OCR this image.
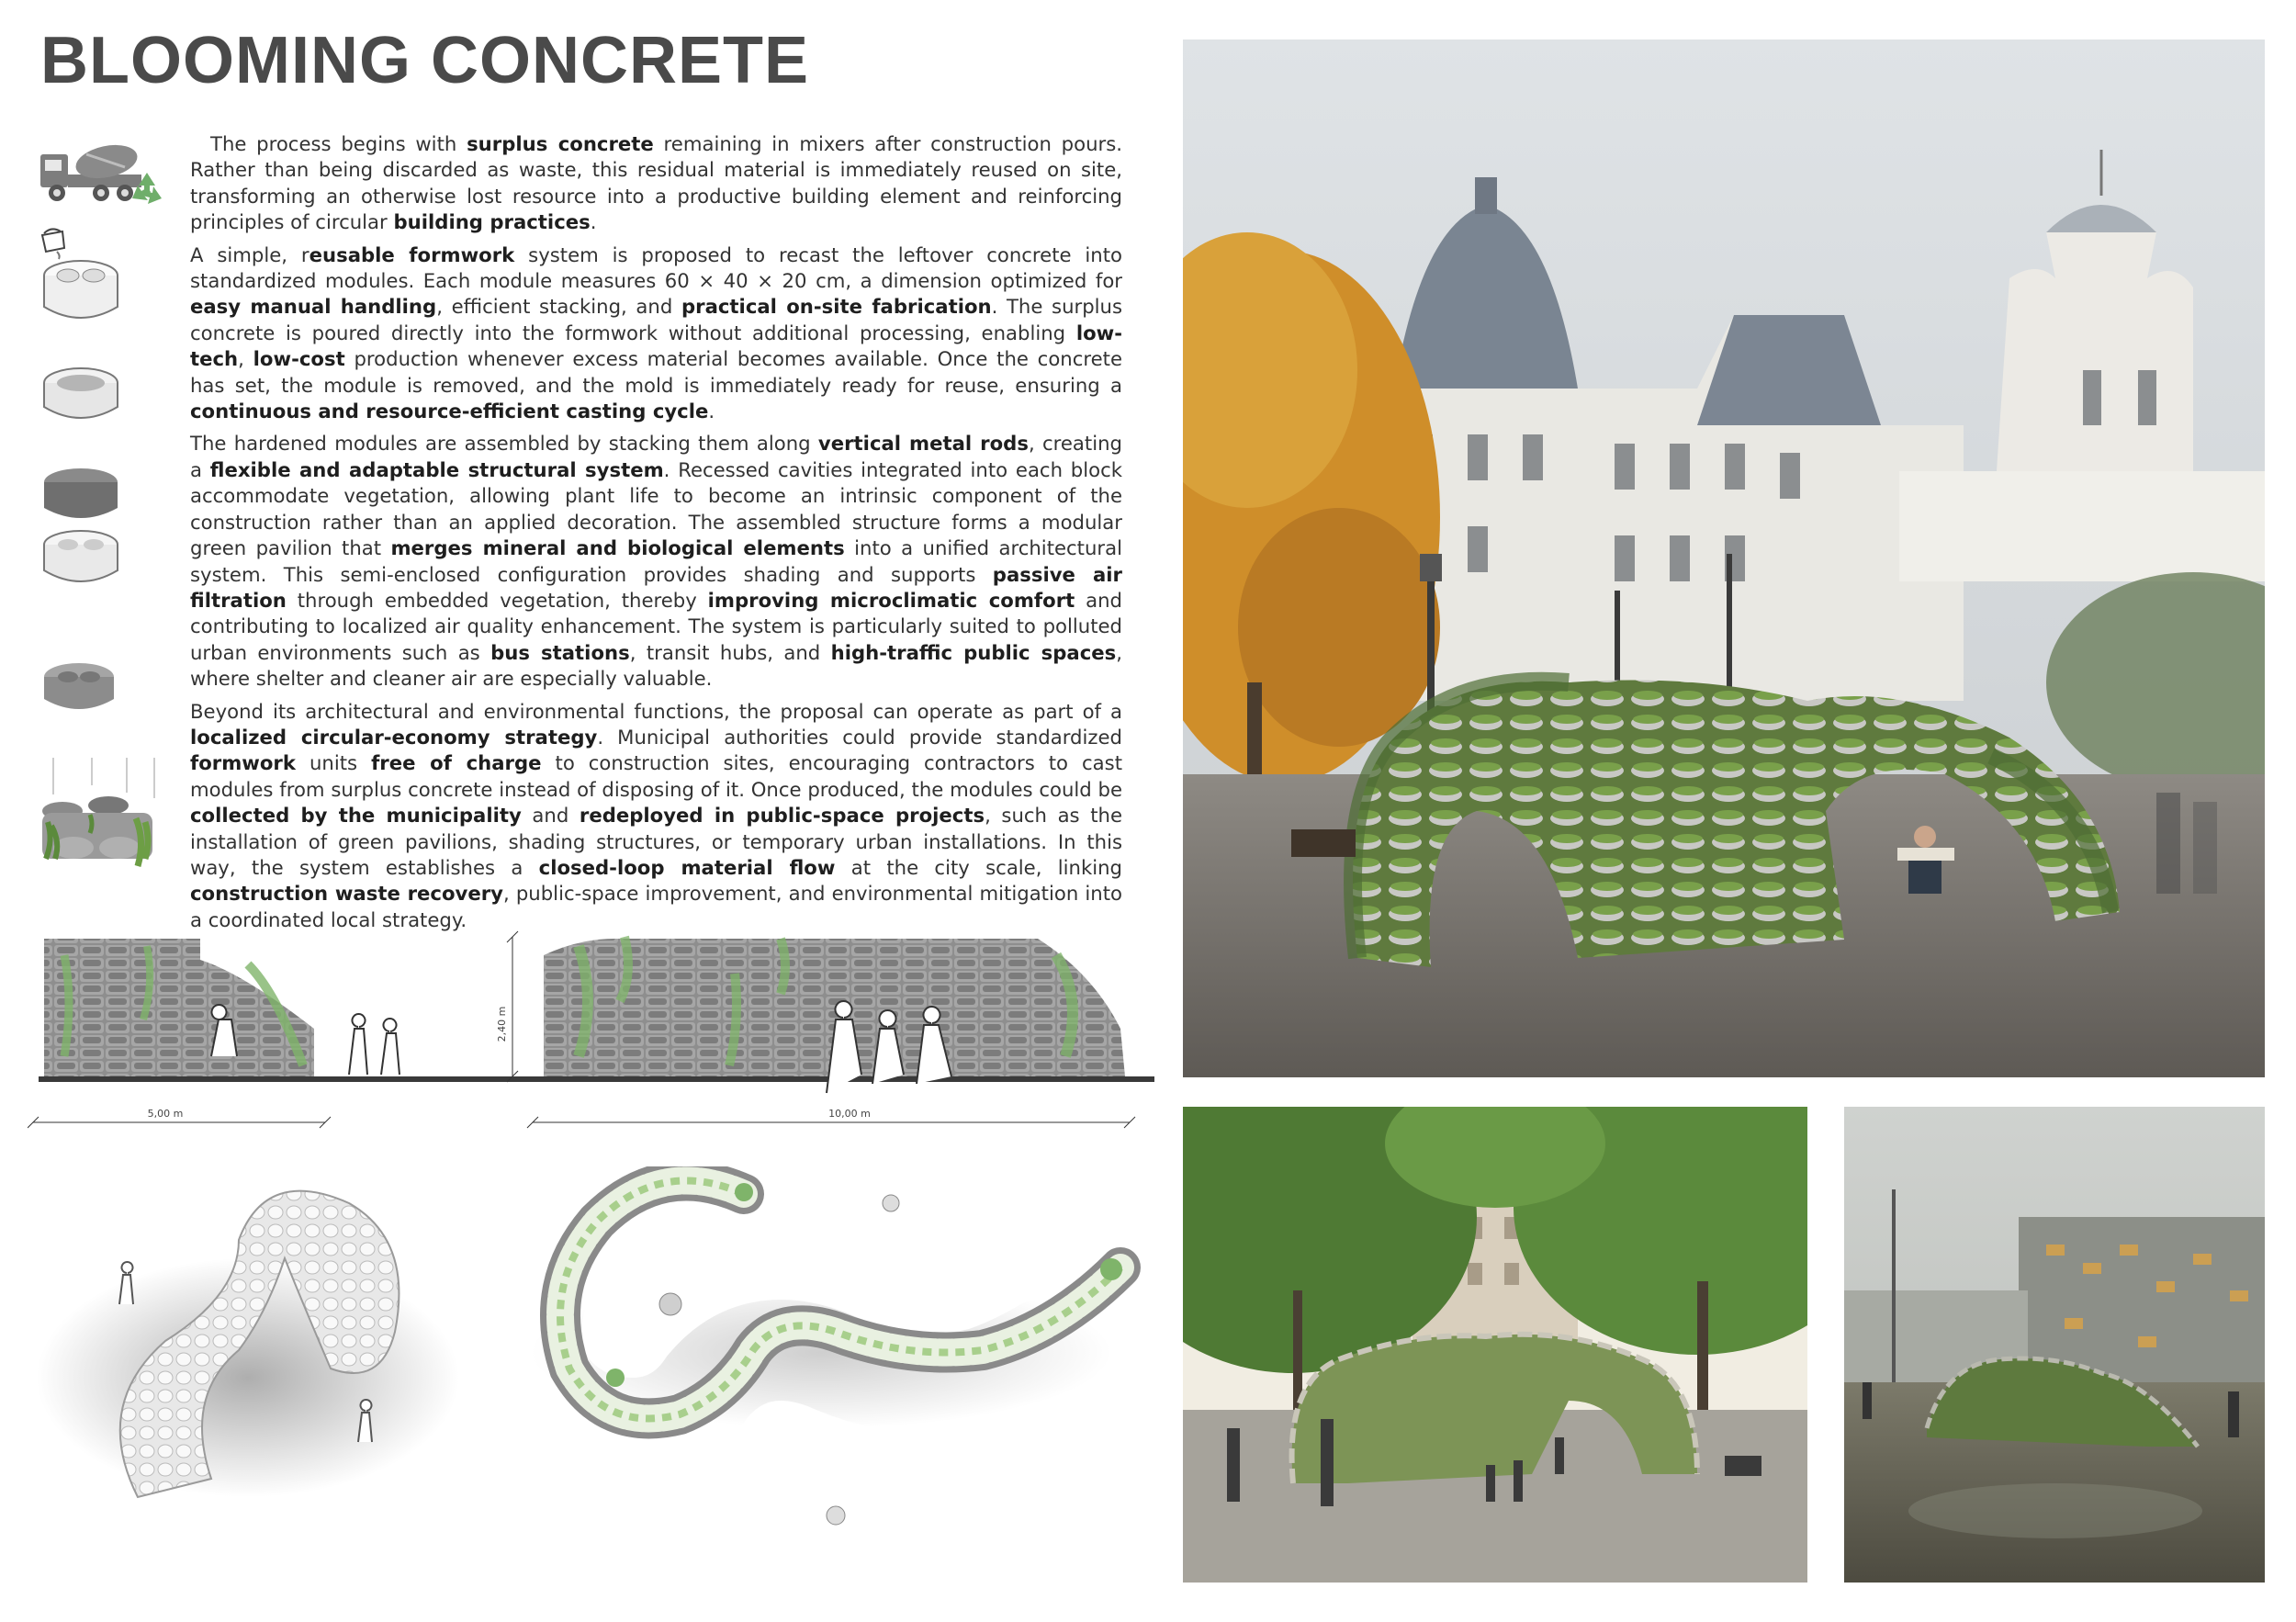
BLOOMING CONCRETE

The process begins with surplus concrete remaining in mixers after construction pours. Rather than being discarded as waste, this residual material is immediately reused on site, transforming an otherwise lost resource into a productive building element and reinforcing principles of circular building practices.

A simple, reusable formwork system is proposed to recast the leftover concrete into standardized modules. Each module measures 60 × 40 × 20 cm, a dimension optimized for easy manual handling, efficient stacking, and practical on-site fabrication. The surplus concrete is poured directly into the formwork without additional processing, enabling low-tech, low-cost production whenever excess material becomes available. Once the concrete has set, the module is removed, and the mold is immediately ready for reuse, ensuring a continuous and resource-efficient casting cycle.

The hardened modules are assembled by stacking them along vertical metal rods, creating a flexible and adaptable structural system. Recessed cavities integrated into each block accommodate vegetation, allowing plant life to become an intrinsic component of the construction rather than an applied decoration. The assembled structure forms a modular green pavilion that merges mineral and biological elements into a unified architectural system. This semi-enclosed configuration provides shading and supports passive air filtration through embedded vegetation, thereby improving microclimatic comfort and contributing to localized air quality enhancement. The system is particularly suited to polluted urban environments such as bus stations, transit hubs, and high-traffic public spaces, where shelter and cleaner air are especially valuable.

Beyond its architectural and environmental functions, the proposal can operate as part of a localized circular-economy strategy. Municipal authorities could provide standardized formwork units free of charge to construction sites, encouraging contractors to cast modules from surplus concrete instead of disposing of it. Once produced, the modules could be collected by the municipality and redeployed in public-space projects, such as the installation of green pavilions, shading structures, or temporary urban installations. In this way, the system establishes a closed-loop material flow at the city scale, linking construction waste recovery, public-space improvement, and environmental mitigation into a coordinated local strategy.

2,40 m
5,00 m	10,00 m
